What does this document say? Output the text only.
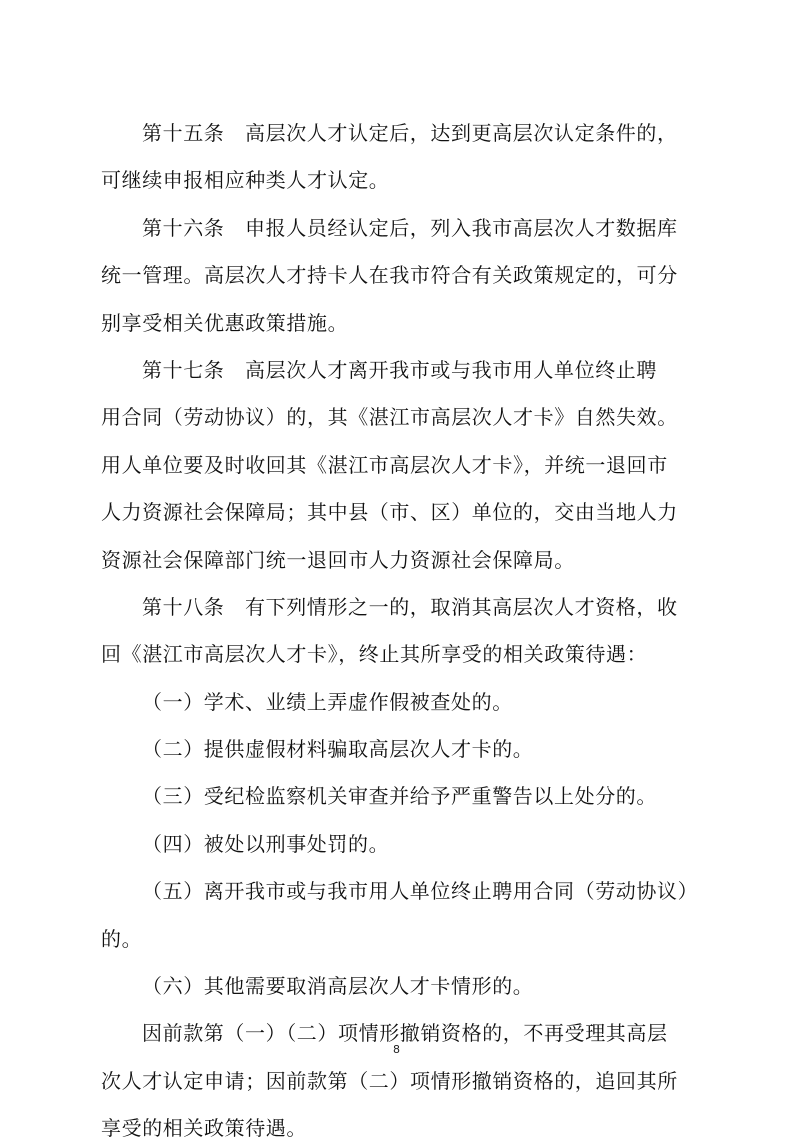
第十五条　高层次人才认定后，达到更高层次认定条件的，

可继续申报相应种类人才认定。

第十六条　申报人员经认定后，列入我市高层次人才数据库

统一管理。高层次人才持卡人在我市符合有关政策规定的，可分

别享受相关优惠政策措施。

第十七条　高层次人才离开我市或与我市用人单位终止聘

用合同（劳动协议）的，其《湛江市高层次人才卡》自然失效。

用人单位要及时收回其《湛江市高层次人才卡》，并统一退回市

人力资源社会保障局；其中县（市、区）单位的，交由当地人力

资源社会保障部门统一退回市人力资源社会保障局。

第十八条　有下列情形之一的，取消其高层次人才资格，收

回《湛江市高层次人才卡》，终止其所享受的相关政策待遇：

（一）学术、业绩上弄虚作假被查处的。

（二）提供虚假材料骗取高层次人才卡的。

（三）受纪检监察机关审查并给予严重警告以上处分的。

（四）被处以刑事处罚的。

（五）离开我市或与我市用人单位终止聘用合同（劳动协议）

的。

（六）其他需要取消高层次人才卡情形的。

因前款第（一）（二）项情形撤销资格的，不再受理其高层

次人才认定申请；因前款第（二）项情形撤销资格的，追回其所

享受的相关政策待遇。

8
